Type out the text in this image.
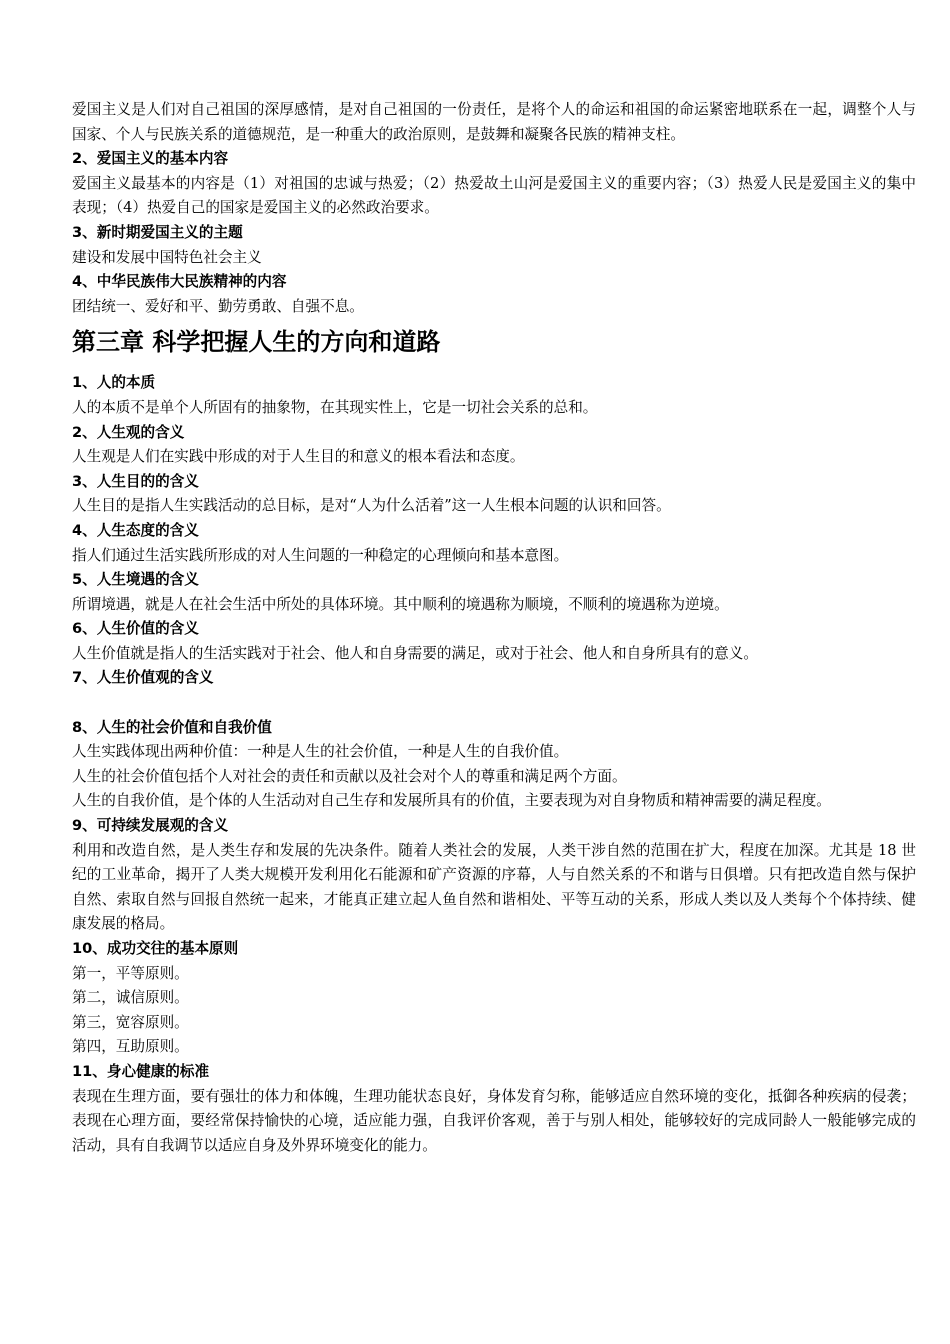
爱国主义是人们对自己祖国的深厚感情，是对自己祖国的一份责任，是将个人的命运和祖国的命运紧密地联系在一起，调整个人与国家、个人与民族关系的道德规范，是一种重大的政治原则，是鼓舞和凝聚各民族的精神支柱。

2、爱国主义的基本内容

爱国主义最基本的内容是（1）对祖国的忠诚与热爱；（2）热爱故土山河是爱国主义的重要内容；（3）热爱人民是爱国主义的集中表现；（4）热爱自己的国家是爱国主义的必然政治要求。

3、新时期爱国主义的主题

建设和发展中国特色社会主义

4、中华民族伟大民族精神的内容

团结统一、爱好和平、勤劳勇敢、自强不息。

第三章 科学把握人生的方向和道路

1、人的本质

人的本质不是单个人所固有的抽象物，在其现实性上，它是一切社会关系的总和。

2、人生观的含义

人生观是人们在实践中形成的对于人生目的和意义的根本看法和态度。

3、人生目的的含义

人生目的是指人生实践活动的总目标，是对“人为什么活着”这一人生根本问题的认识和回答。

4、人生态度的含义

指人们通过生活实践所形成的对人生问题的一种稳定的心理倾向和基本意图。

5、人生境遇的含义

所谓境遇，就是人在社会生活中所处的具体环境。其中顺利的境遇称为顺境，不顺利的境遇称为逆境。

6、人生价值的含义

人生价值就是指人的生活实践对于社会、他人和自身需要的满足，或对于社会、他人和自身所具有的意义。

7、人生价值观的含义

8、人生的社会价值和自我价值

人生实践体现出两种价值：一种是人生的社会价值，一种是人生的自我价值。

人生的社会价值包括个人对社会的责任和贡献以及社会对个人的尊重和满足两个方面。

人生的自我价值，是个体的人生活动对自己生存和发展所具有的价值，主要表现为对自身物质和精神需要的满足程度。

9、可持续发展观的含义

利用和改造自然，是人类生存和发展的先决条件。随着人类社会的发展，人类干涉自然的范围在扩大，程度在加深。尤其是 18 世纪的工业革命，揭开了人类大规模开发利用化石能源和矿产资源的序幕，人与自然关系的不和谐与日俱增。只有把改造自然与保护自然、索取自然与回报自然统一起来，才能真正建立起人鱼自然和谐相处、平等互动的关系，形成人类以及人类每个个体持续、健康发展的格局。

10、成功交往的基本原则

第一，平等原则。

第二，诚信原则。

第三，宽容原则。

第四，互助原则。

11、身心健康的标准

表现在生理方面，要有强壮的体力和体魄，生理功能状态良好，身体发育匀称，能够适应自然环境的变化，抵御各种疾病的侵袭；表现在心理方面，要经常保持愉快的心境，适应能力强，自我评价客观，善于与别人相处，能够较好的完成同龄人一般能够完成的活动，具有自我调节以适应自身及外界环境变化的能力。
